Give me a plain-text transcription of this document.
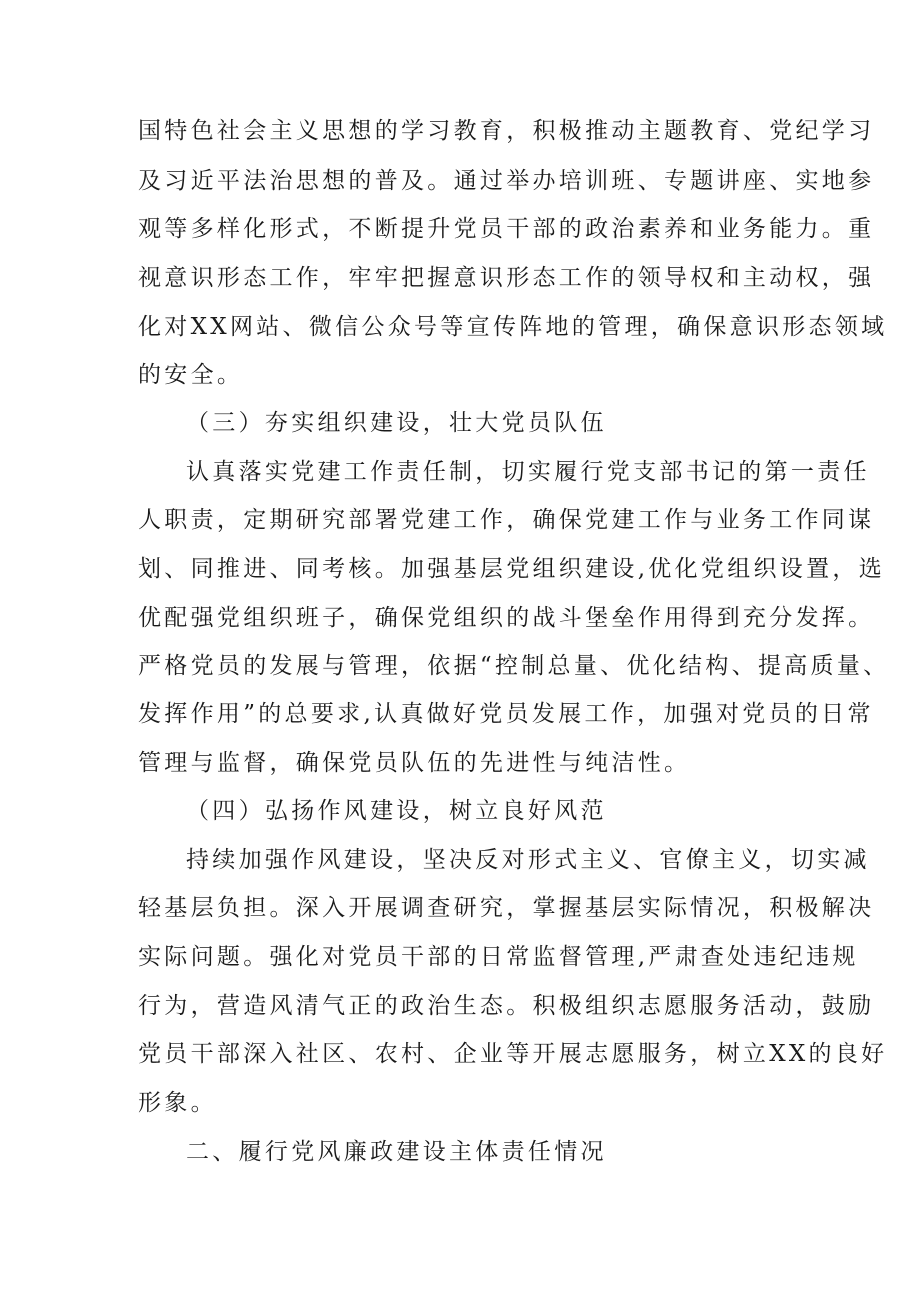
国特色社会主义思想的学习教育，积极推动主题教育、党纪学习
及习近平法治思想的普及。通过举办培训班、专题讲座、实地参
观等多样化形式，不断提升党员干部的政治素养和业务能力。重
视意识形态工作，牢牢把握意识形态工作的领导权和主动权，强
化对XX网站、微信公众号等宣传阵地的管理，确保意识形态领域
的安全。
（三）夯实组织建设，壮大党员队伍
认真落实党建工作责任制，切实履行党支部书记的第一责任
人职责，定期研究部署党建工作，确保党建工作与业务工作同谋
划、同推进、同考核。加强基层党组织建设,优化党组织设置，选
优配强党组织班子，确保党组织的战斗堡垒作用得到充分发挥。
严格党员的发展与管理，依据“控制总量、优化结构、提高质量、
发挥作用”的总要求,认真做好党员发展工作，加强对党员的日常
管理与监督，确保党员队伍的先进性与纯洁性。
（四）弘扬作风建设，树立良好风范
持续加强作风建设，坚决反对形式主义、官僚主义，切实减
轻基层负担。深入开展调查研究，掌握基层实际情况，积极解决
实际问题。强化对党员干部的日常监督管理,严肃查处违纪违规
行为，营造风清气正的政治生态。积极组织志愿服务活动，鼓励
党员干部深入社区、农村、企业等开展志愿服务，树立XX的良好
形象。
二、履行党风廉政建设主体责任情况
